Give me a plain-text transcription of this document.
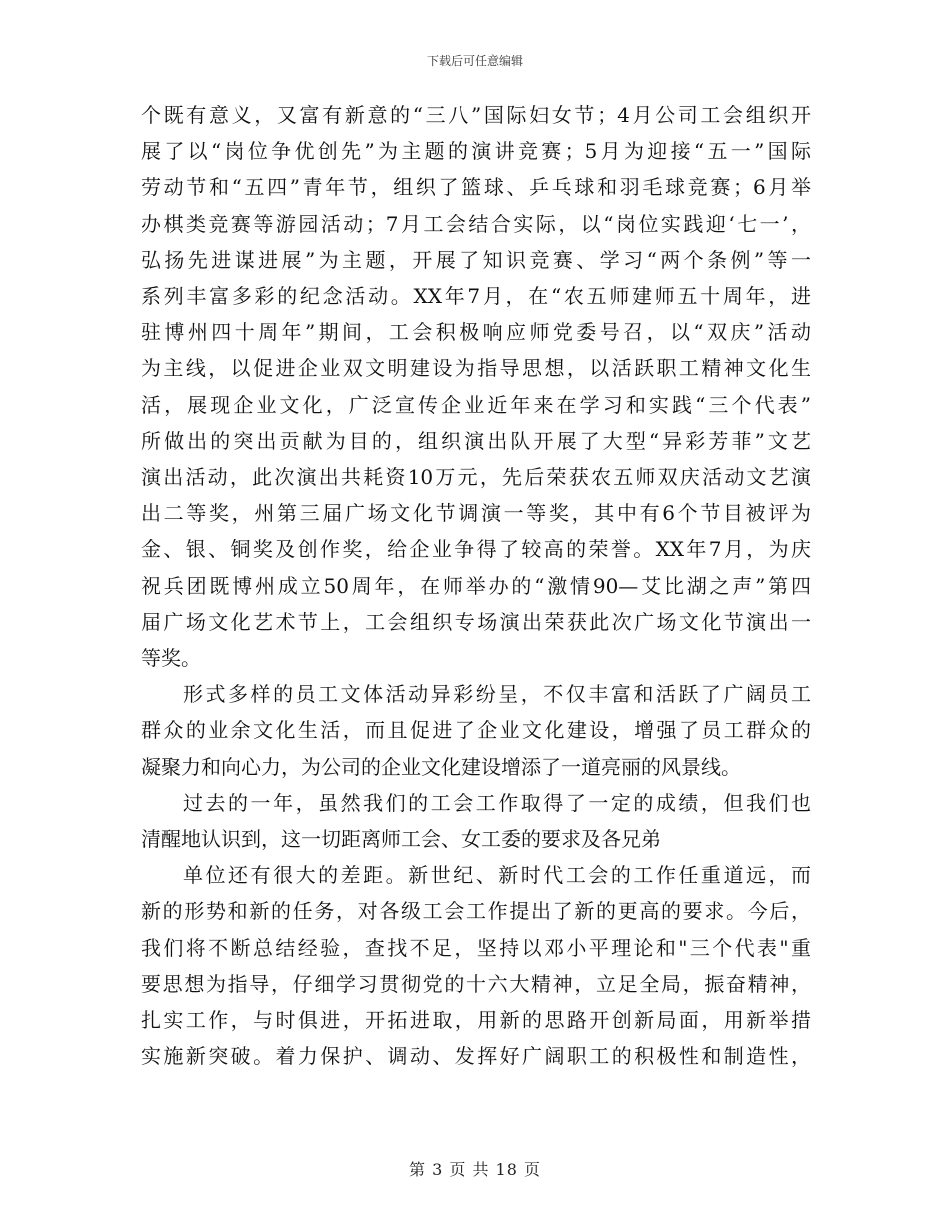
下载后可任意编辑

个既有意义，又富有新意的“三八”国际妇女节；4月公司工会组织开
展了以“岗位争优创先”为主题的演讲竞赛；5月为迎接“五一”国际
劳动节和“五四”青年节，组织了篮球、乒乓球和羽毛球竞赛；6月举
办棋类竞赛等游园活动；7月工会结合实际，以“岗位实践迎‘七一’，
弘扬先进谋进展”为主题，开展了知识竞赛、学习“两个条例”等一
系列丰富多彩的纪念活动。XX年7月，在“农五师建师五十周年，进
驻博州四十周年”期间，工会积极响应师党委号召，以“双庆”活动
为主线，以促进企业双文明建设为指导思想，以活跃职工精神文化生
活，展现企业文化，广泛宣传企业近年来在学习和实践“三个代表”
所做出的突出贡献为目的，组织演出队开展了大型“异彩芳菲”文艺
演出活动，此次演出共耗资10万元，先后荣获农五师双庆活动文艺演
出二等奖，州第三届广场文化节调演一等奖，其中有6个节目被评为
金、银、铜奖及创作奖，给企业争得了较高的荣誉。XX年7月，为庆
祝兵团既博州成立50周年，在师举办的“激情90—艾比湖之声”第四
届广场文化艺术节上，工会组织专场演出荣获此次广场文化节演出一
等奖。

形式多样的员工文体活动异彩纷呈，不仅丰富和活跃了广阔员工
群众的业余文化生活，而且促进了企业文化建设，增强了员工群众的
凝聚力和向心力，为公司的企业文化建设增添了一道亮丽的风景线。

过去的一年，虽然我们的工会工作取得了一定的成绩，但我们也
清醒地认识到，这一切距离师工会、女工委的要求及各兄弟

单位还有很大的差距。新世纪、新时代工会的工作任重道远，而
新的形势和新的任务，对各级工会工作提出了新的更高的要求。今后，
我们将不断总结经验，查找不足，坚持以邓小平理论和"三个代表"重
要思想为指导，仔细学习贯彻党的十六大精神，立足全局，振奋精神，
扎实工作，与时俱进，开拓进取，用新的思路开创新局面，用新举措
实施新突破。着力保护、调动、发挥好广阔职工的积极性和制造性，

第 3 页 共 18 页
